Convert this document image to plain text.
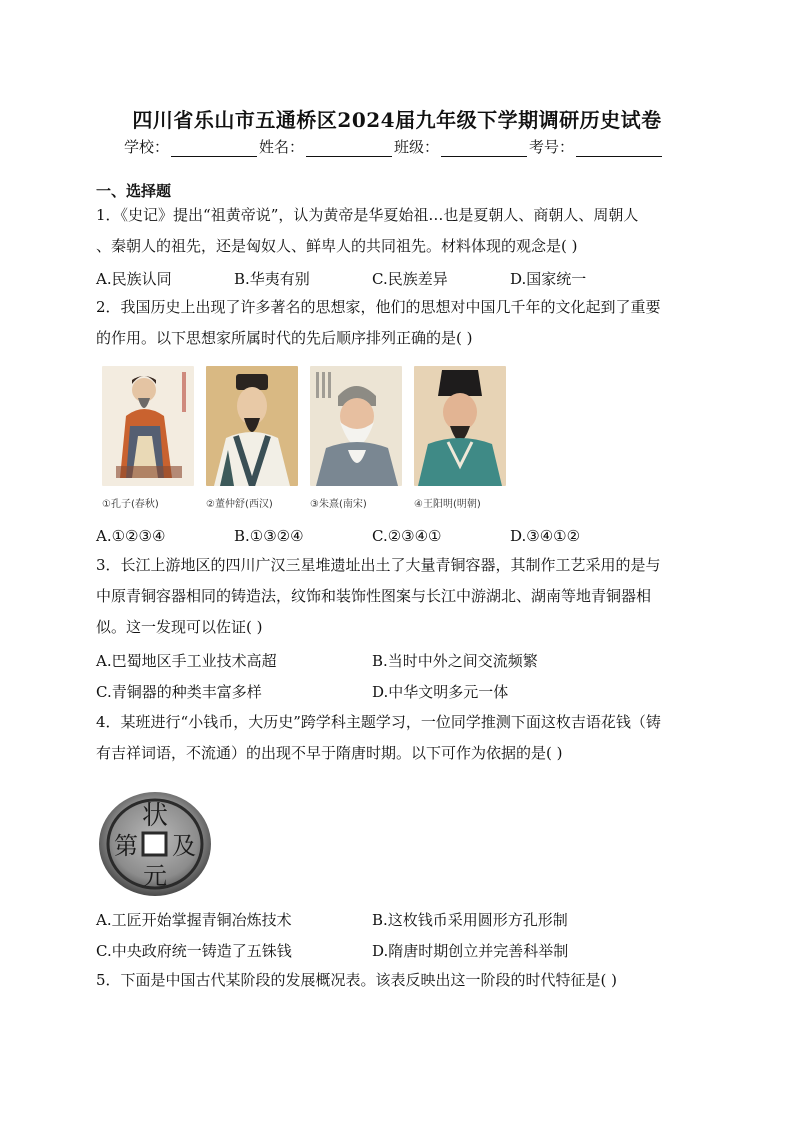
四川省乐山市五通桥区2024届九年级下学期调研历史试卷
学校：	姓名：	班级：	考号：
一、选择题
1．《史记》提出“祖黄帝说”，认为黄帝是华夏始祖…也是夏朝人、商朝人、周朝人
、秦朝人的祖先，还是匈奴人、鲜卑人的共同祖先。材料体现的观念是( )
A.民族认同	B.华夷有别	C.民族差异	D.国家统一
2．我国历史上出现了许多著名的思想家，他们的思想对中国几千年的文化起到了重要
的作用。以下思想家所属时代的先后顺序排列正确的是( )
①孔子(春秋)	②董仲舒(西汉)	③朱熹(南宋)	④王阳明(明朝)
A.①②③④	B.①③②④	C.②③④①	D.③④①②
3．长江上游地区的四川广汉三星堆遗址出土了大量青铜容器，其制作工艺采用的是与
中原青铜容器相同的铸造法，纹饰和装饰性图案与长江中游湖北、湖南等地青铜器相
似。这一发现可以佐证( )
A.巴蜀地区手工业技术高超	B.当时中外之间交流频繁
C.青铜器的种类丰富多样	D.中华文明多元一体
4．某班进行“小钱币，大历史”跨学科主题学习，一位同学推测下面这枚吉语花钱（铸
有吉祥词语，不流通）的出现不早于隋唐时期。以下可作为依据的是( )
状
及
元
第
A.工匠开始掌握青铜冶炼技术	B.这枚钱币采用圆形方孔形制
C.中央政府统一铸造了五铢钱	D.隋唐时期创立并完善科举制
5．下面是中国古代某阶段的发展概况表。该表反映出这一阶段的时代特征是( )
